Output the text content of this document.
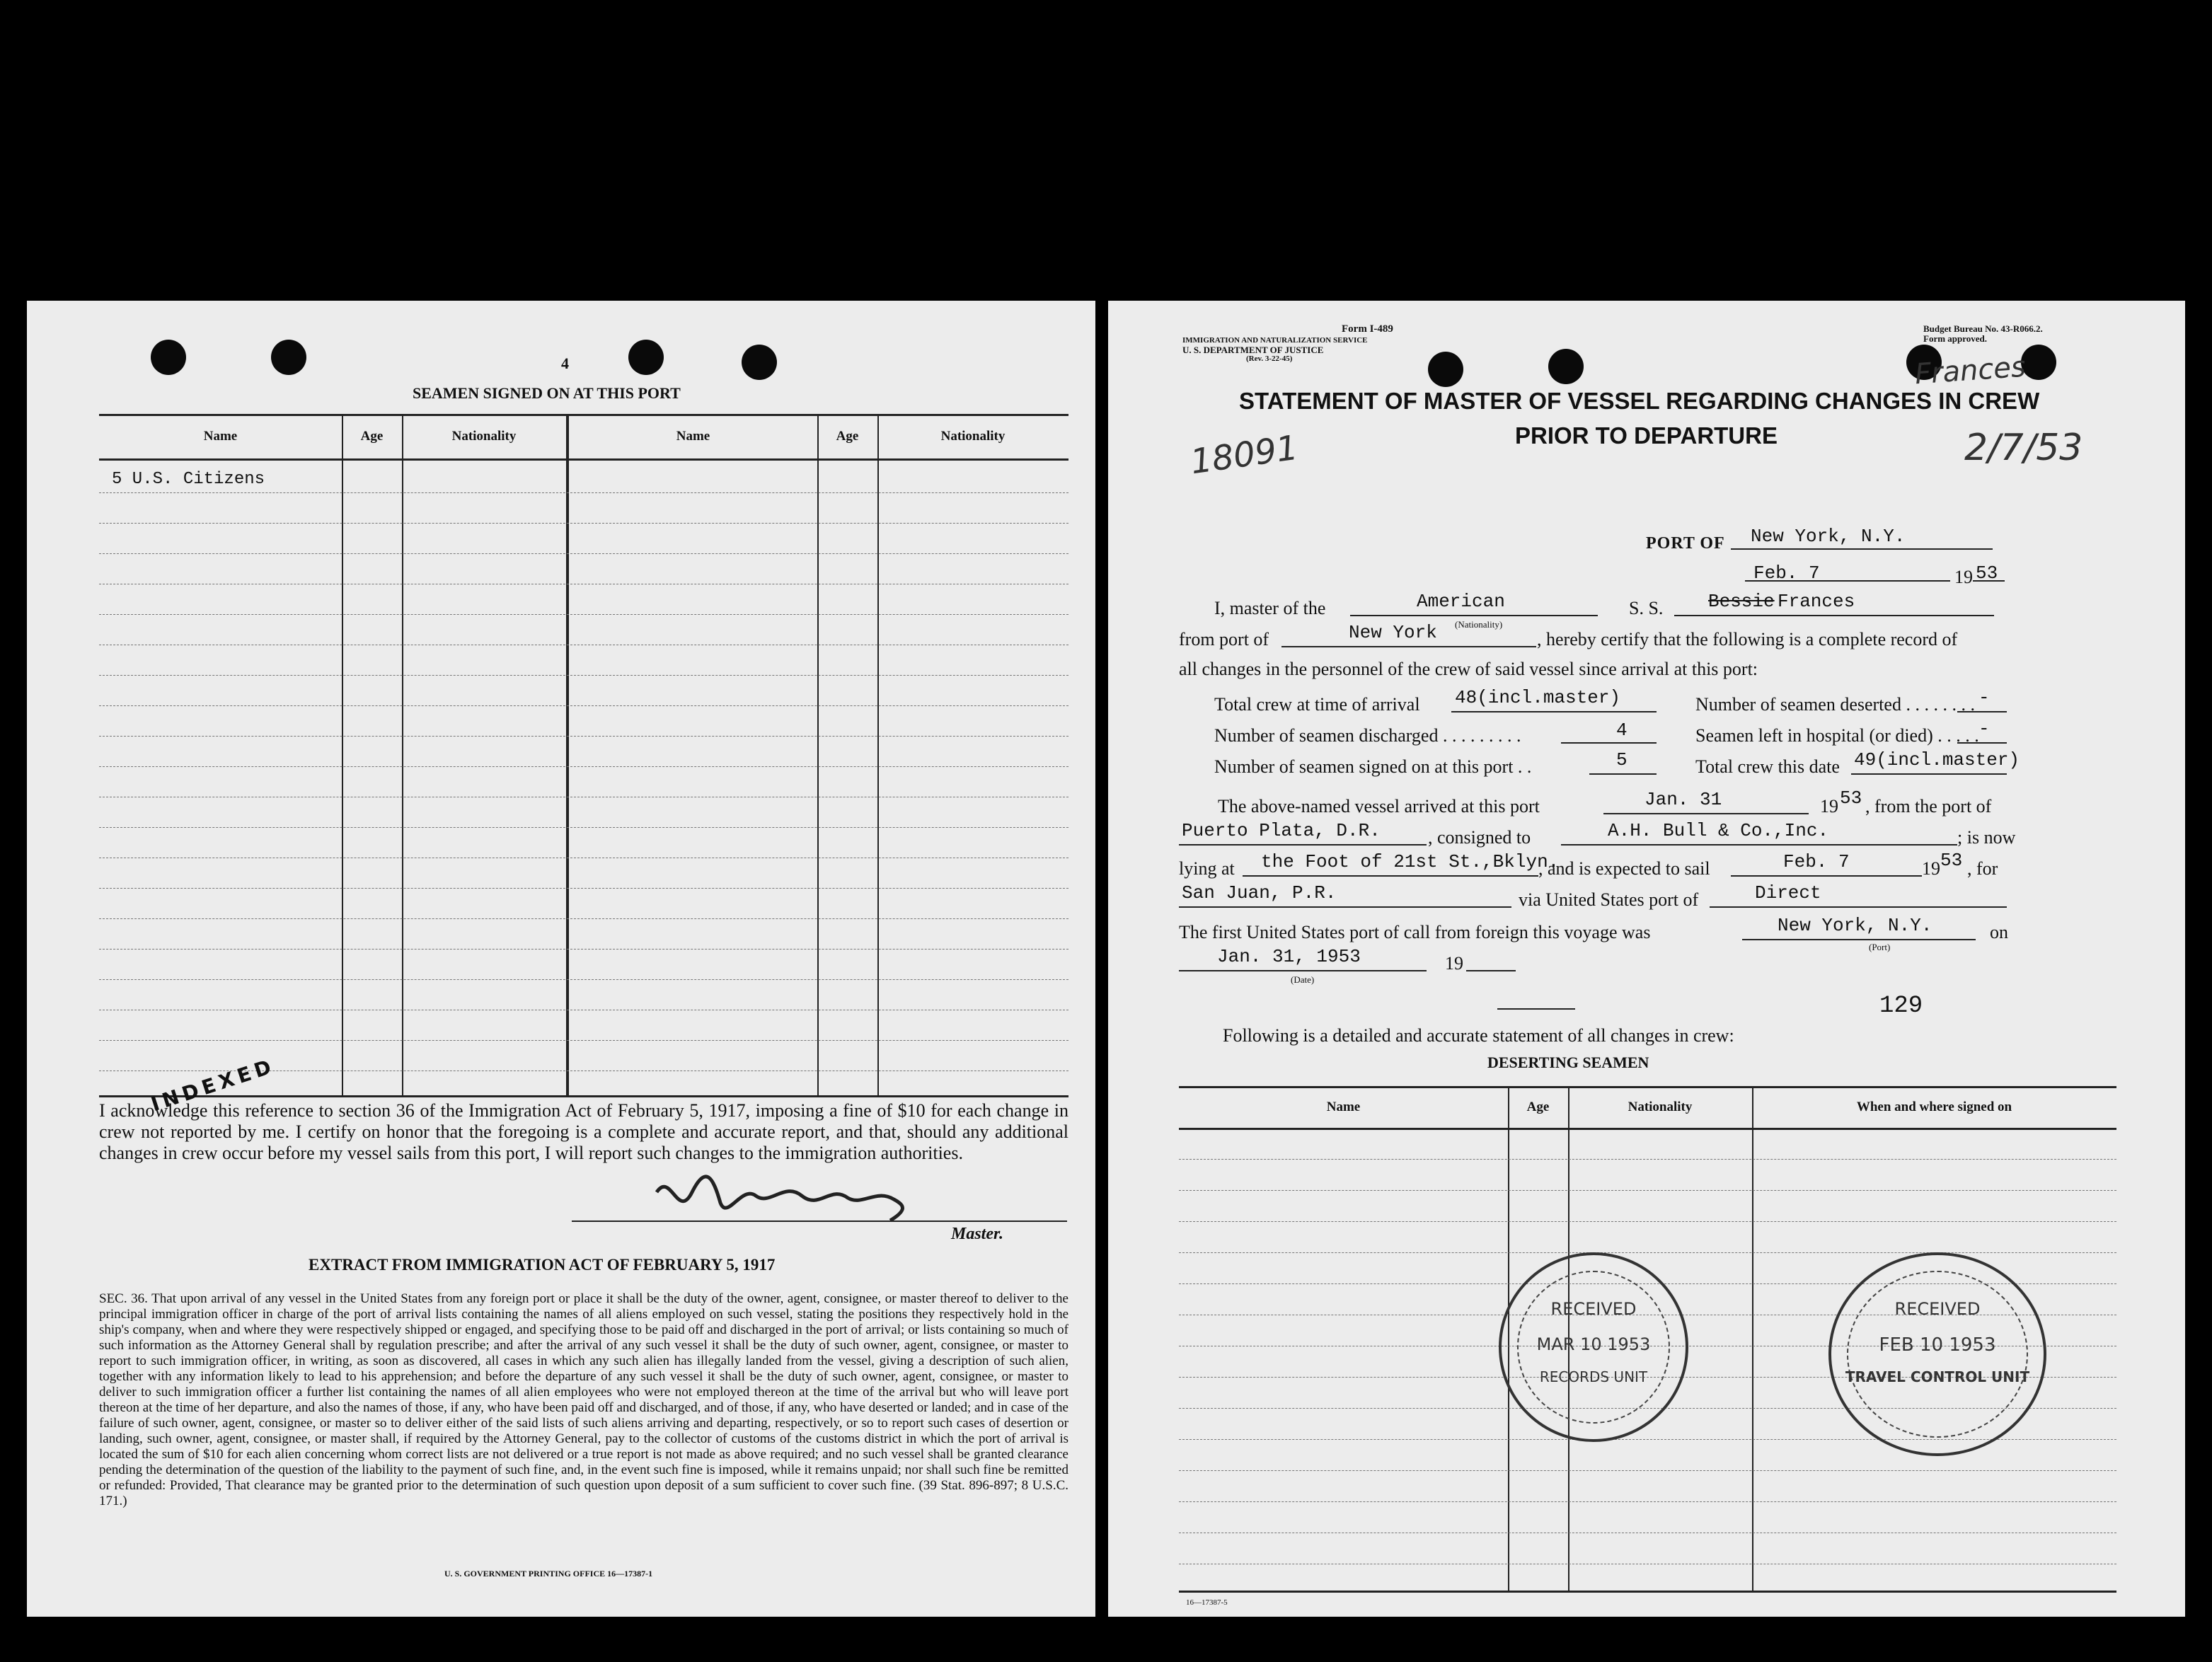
4
SEAMEN SIGNED ON AT THIS PORT
Name	Age	Nationality	Name	Age	Nationality
5 U.S. Citizens
INDEXED
I acknowledge this reference to section 36 of the Immigration Act of February 5, 1917, imposing a fine of $10 for each change in crew not reported by me. I certify on honor that the foregoing is a complete and accurate report, and that, should any additional changes in crew occur before my vessel sails from this port, I will report such changes to the immigration authorities.
Master.
EXTRACT FROM IMMIGRATION ACT OF FEBRUARY 5, 1917
SEC. 36. That upon arrival of any vessel in the United States from any foreign port or place it shall be the duty of the owner, agent, consignee, or master thereof to deliver to the principal immigration officer in charge of the port of arrival lists containing the names of all aliens employed on such vessel, stating the positions they respectively hold in the ship's company, when and where they were respectively shipped or engaged, and specifying those to be paid off and discharged in the port of arrival; or lists containing so much of such information as the Attorney General shall by regulation prescribe; and after the arrival of any such vessel it shall be the duty of such owner, agent, consignee, or master to report to such immigration officer, in writing, as soon as discovered, all cases in which any such alien has illegally landed from the vessel, giving a description of such alien, together with any information likely to lead to his apprehension; and before the departure of any such vessel it shall be the duty of such owner, agent, consignee, or master to deliver to such immigration officer a further list containing the names of all alien employees who were not employed thereon at the time of the arrival but who will leave port thereon at the time of her departure, and also the names of those, if any, who have been paid off and discharged, and of those, if any, who have deserted or landed; and in case of the failure of such owner, agent, consignee, or master so to deliver either of the said lists of such aliens arriving and departing, respectively, or so to report such cases of desertion or landing, such owner, agent, consignee, or master shall, if required by the Attorney General, pay to the collector of customs of the customs district in which the port of arrival is located the sum of $10 for each alien concerning whom correct lists are not delivered or a true report is not made as above required; and no such vessel shall be granted clearance pending the determination of the question of the liability to the payment of such fine, and, in the event such fine is imposed, while it remains unpaid; nor shall such fine be remitted or refunded: Provided, That clearance may be granted prior to the determination of such question upon deposit of a sum sufficient to cover such fine. (39 Stat. 896-897; 8 U.S.C. 171.)
U. S. GOVERNMENT PRINTING OFFICE 16—17387-1
Form I-489
IMMIGRATION AND NATURALIZATION SERVICE
U. S. DEPARTMENT OF JUSTICE
(Rev. 3-22-45)
Budget Bureau No. 43-R066.2.
Form approved.
Frances
STATEMENT OF MASTER OF VESSEL REGARDING CHANGES IN CREW
PRIOR TO DEPARTURE
18091	2/7/53
PORT OF New York, N.Y.
Feb. 7	19 53
I, master of the	American
(Nationality)
S. S. Bessie Frances
from port of	New York	, hereby certify that the following is a complete record of
all changes in the personnel of the crew of said vessel since arrival at this port:
Total crew at time of arrival 48(incl.master)	Number of seamen deserted . . . . . . . . -
Number of seamen discharged . . . . . . . . .	4	Seamen left in hospital (or died) . . . . . -
Number of seamen signed on at this port . .	5	Total crew this date 49(incl.master)
The above-named vessel arrived at this port	Jan. 31	19 53 , from the port of
Puerto Plata, D.R.	, consigned to	A.H. Bull & Co.,Inc.	; is now
lying at the Foot of 21st St.,Bklyn.
, and is expected to sail	Feb. 7	19 53 , for
San Juan, P.R.	via United States port of	Direct
The first United States port of call from foreign this voyage was	New York, N.Y.
(Port)
on
Jan. 31, 1953	19
(Date)
129
Following is a detailed and accurate statement of all changes in crew:
DESERTING SEAMEN
Name	Age	Nationality	When and where signed on
RECEIVED
MAR 10 1953
RECORDS UNIT
RECEIVED
FEB 10 1953
TRAVEL CONTROL UNIT
16—17387-5
